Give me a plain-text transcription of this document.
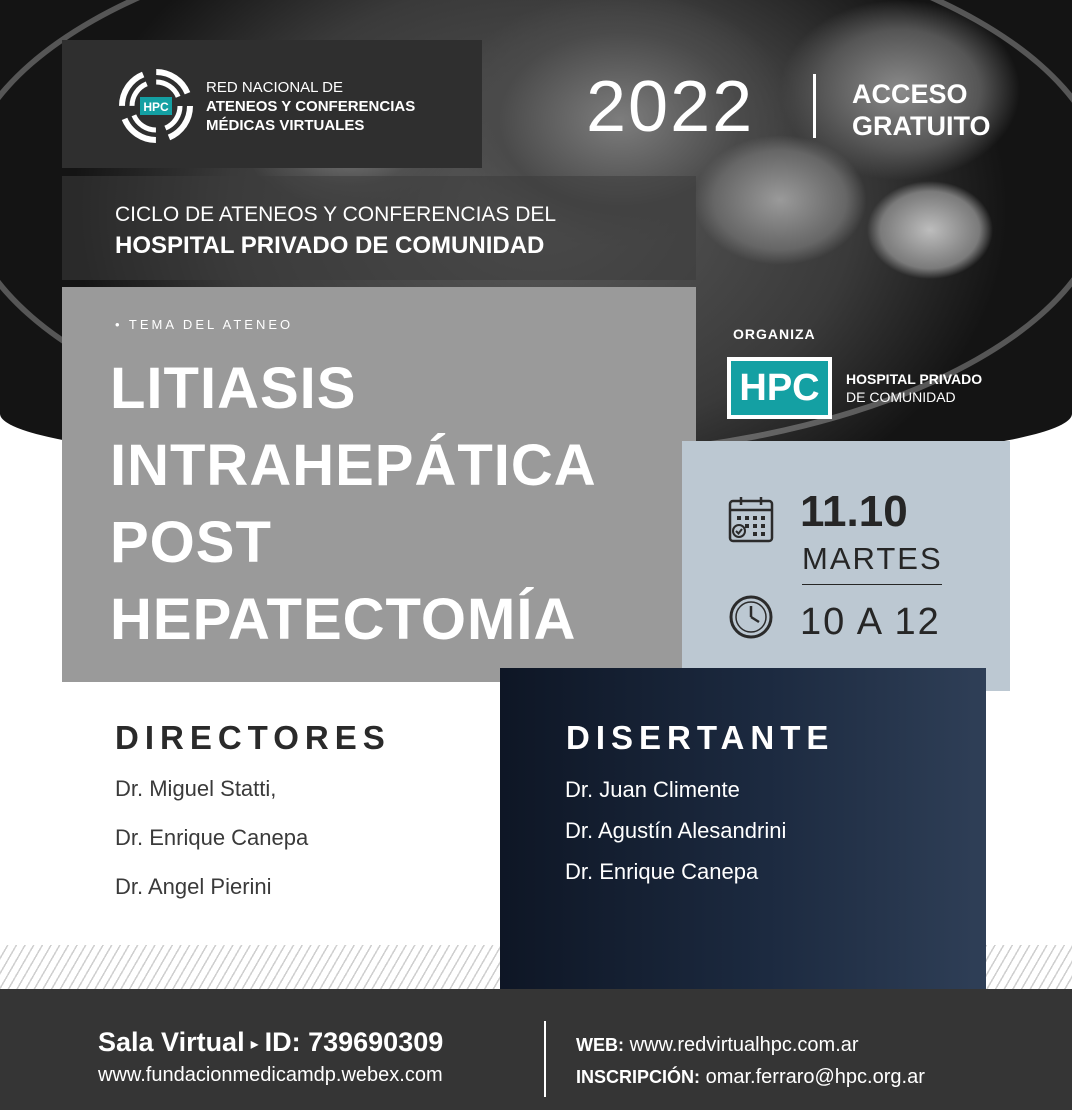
HPC
RED NACIONAL DE
ATENEOS Y CONFERENCIAS
MÉDICAS VIRTUALES	2022	ACCESO
GRATUITO
CICLO DE ATENEOS Y CONFERENCIAS DEL
HOSPITAL PRIVADO DE COMUNIDAD
• TEMA DEL ATENEO
LITIASIS
INTRAHEPÁTICA
POST
HEPATECTOMÍA
ORGANIZA
HPC	HOSPITAL PRIVADO
DE COMUNIDAD
11.10
MARTES
10 A 12
DIRECTORES
Dr. Miguel Statti,
Dr. Enrique Canepa
Dr. Angel Pierini
DISERTANTE
Dr. Juan Climente
Dr. Agustín Alesandrini
Dr. Enrique Canepa
Sala Virtual ▸ ID: 739690309
www.fundacionmedicamdp.webex.com
WEB: www.redvirtualhpc.com.ar
INSCRIPCIÓN: omar.ferraro@hpc.org.ar
